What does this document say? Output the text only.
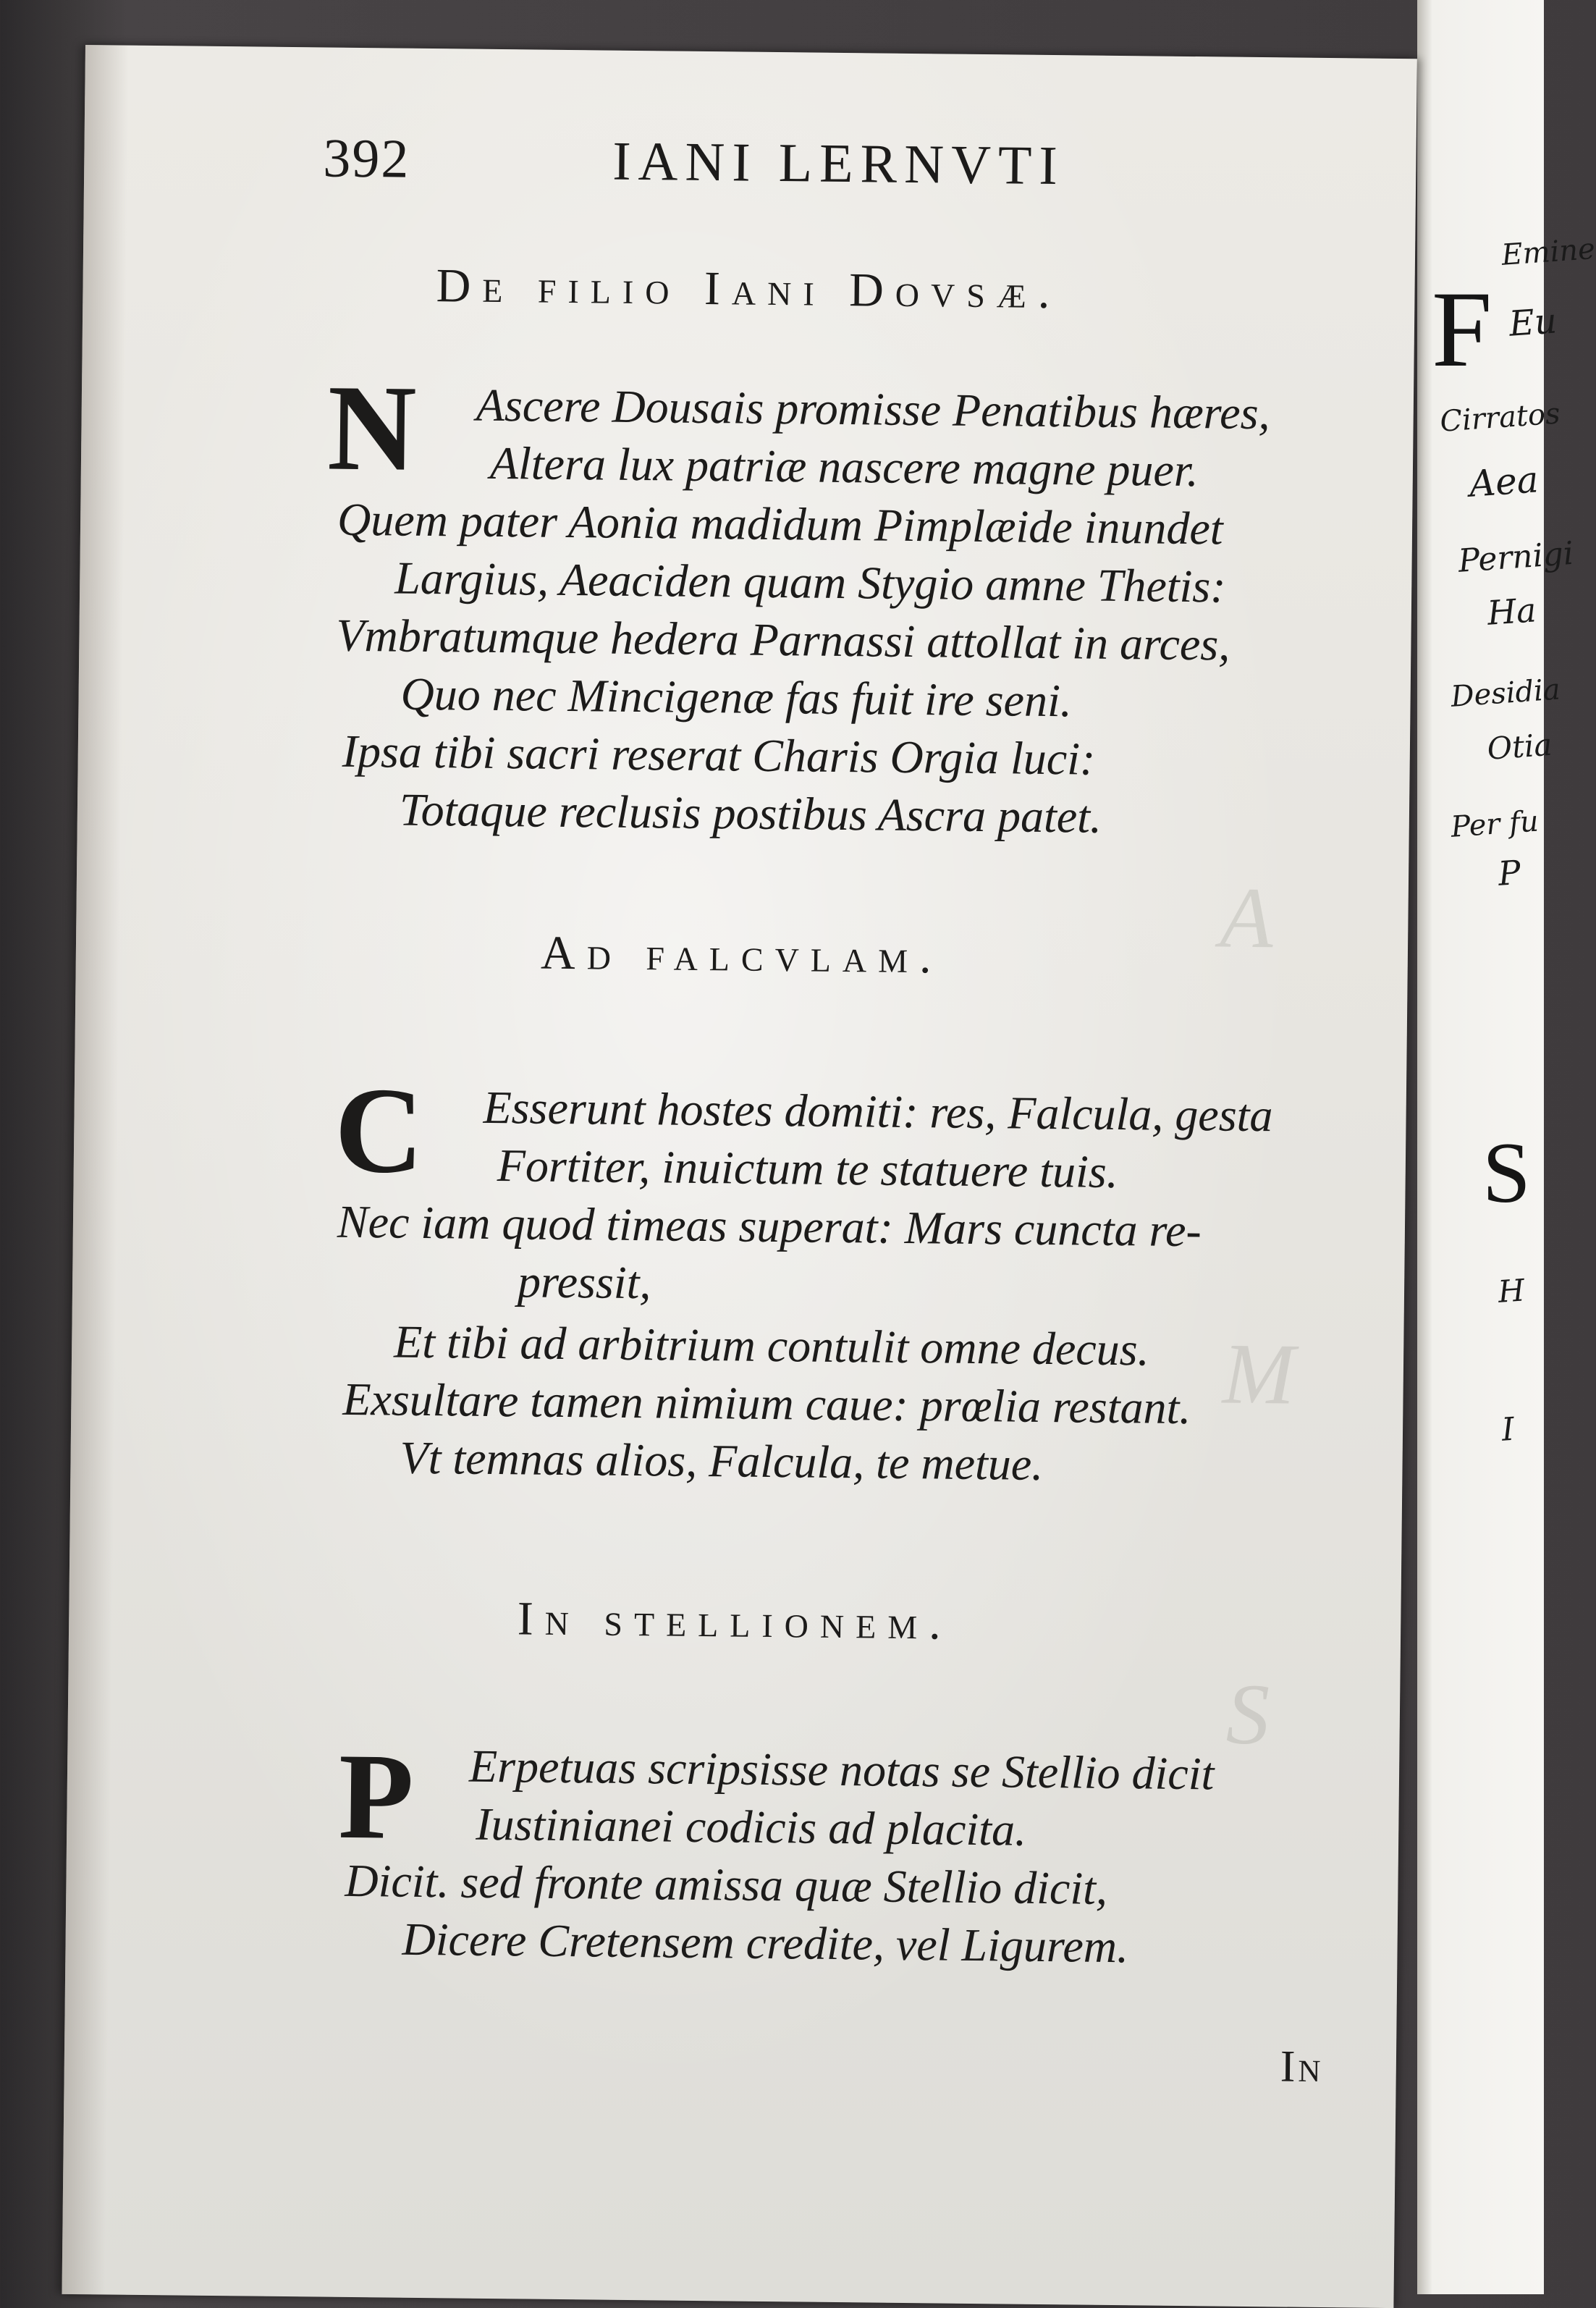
F
Emine
Eu
Cirratos
Aea
Pernigi
Ha
Desidia
Otia
Per fu
P
S
H
I
A
M
S
392	IANI LERNVTI
De filio Iani Dovsæ.
N Ascere Dousais promisse Penatibus hæres,
Altera lux patriæ nascere magne puer.
Quem pater Aonia madidum Pimplæide inundet
Largius, Aeaciden quam Stygio amne Thetis:
Vmbratumque hedera Parnassi attollat in arces,
Quo nec Mincigenæ fas fuit ire seni.
Ipsa tibi sacri reserat Charis Orgia luci:
Totaque reclusis postibus Ascra patet.
Ad falcvlam.
C Esserunt hostes domiti: res, Falcula, gesta
Fortiter, inuictum te statuere tuis.
Nec iam quod timeas superat: Mars cuncta re-
pressit,
Et tibi ad arbitrium contulit omne decus.
Exsultare tamen nimium caue: prœlia restant.
Vt temnas alios, Falcula, te metue.
In stellionem.
P Erpetuas scripsisse notas se Stellio dicit
Iustinianei codicis ad placita.
Dicit. sed fronte amissa quæ Stellio dicit,
Dicere Cretensem credite, vel Ligurem.
In
